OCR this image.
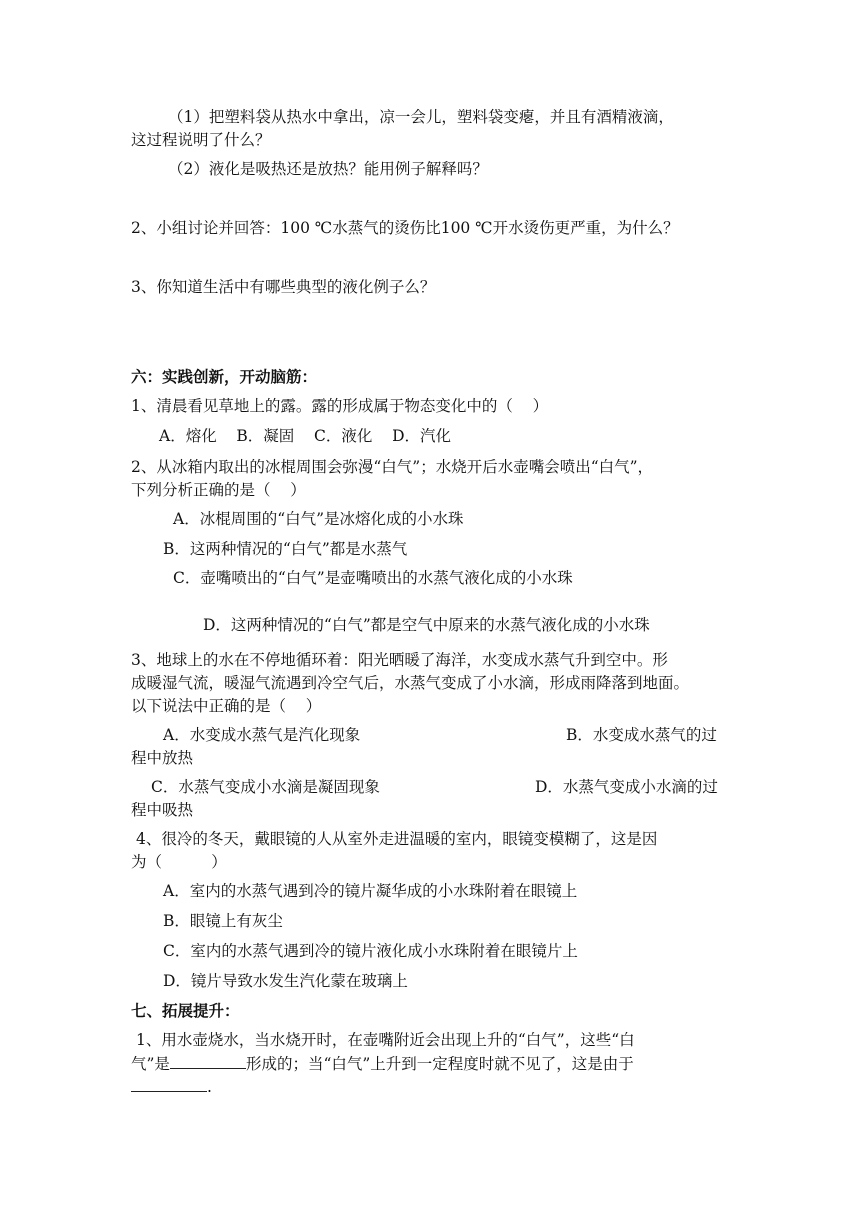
（1）把塑料袋从热水中拿出，凉一会儿，塑料袋变瘪，并且有酒精液滴，
这过程说明了什么？
（2）液化是吸热还是放热？能用例子解释吗？
2、小组讨论并回答：100 ℃水蒸气的烫伤比100 ℃开水烫伤更严重，为什么？
3、你知道生活中有哪些典型的液化例子么？
六：实践创新，开动脑筋：
1、清晨看见草地上的露。露的形成属于物态变化中的（    ）
A．熔化    B．凝固    C．液化    D．汽化
2、从冰箱内取出的冰棍周围会弥漫“白气”；水烧开后水壶嘴会喷出“白气”，
下列分析正确的是（    ）
A．冰棍周围的“白气”是冰熔化成的小水珠
B．这两种情况的“白气”都是水蒸气
C．壶嘴喷出的“白气”是壶嘴喷出的水蒸气液化成的小水珠
D．这两种情况的“白气”都是空气中原来的水蒸气液化成的小水珠
3、地球上的水在不停地循环着：阳光晒暖了海洋，水变成水蒸气升到空中。形
成暖湿气流，暖湿气流遇到冷空气后，水蒸气变成了小水滴，形成雨降落到地面。
以下说法中正确的是（    ）
A．水变成水蒸气是汽化现象	B．水变成水蒸气的过
程中放热
C．水蒸气变成小水滴是凝固现象	D．水蒸气变成小水滴的过
程中吸热
4、很冷的冬天，戴眼镜的人从室外走进温暖的室内，眼镜变模糊了，这是因
为（          ）
A．室内的水蒸气遇到冷的镜片凝华成的小水珠附着在眼镜上
B．眼镜上有灰尘
C．室内的水蒸气遇到冷的镜片液化成小水珠附着在眼镜片上
D．镜片导致水发生汽化蒙在玻璃上
七、拓展提升：
1、用水壶烧水，当水烧开时，在壶嘴附近会出现上升的“白气”，这些“白
气”是	形成的；当“白气”上升到一定程度时就不见了，这是由于
.
